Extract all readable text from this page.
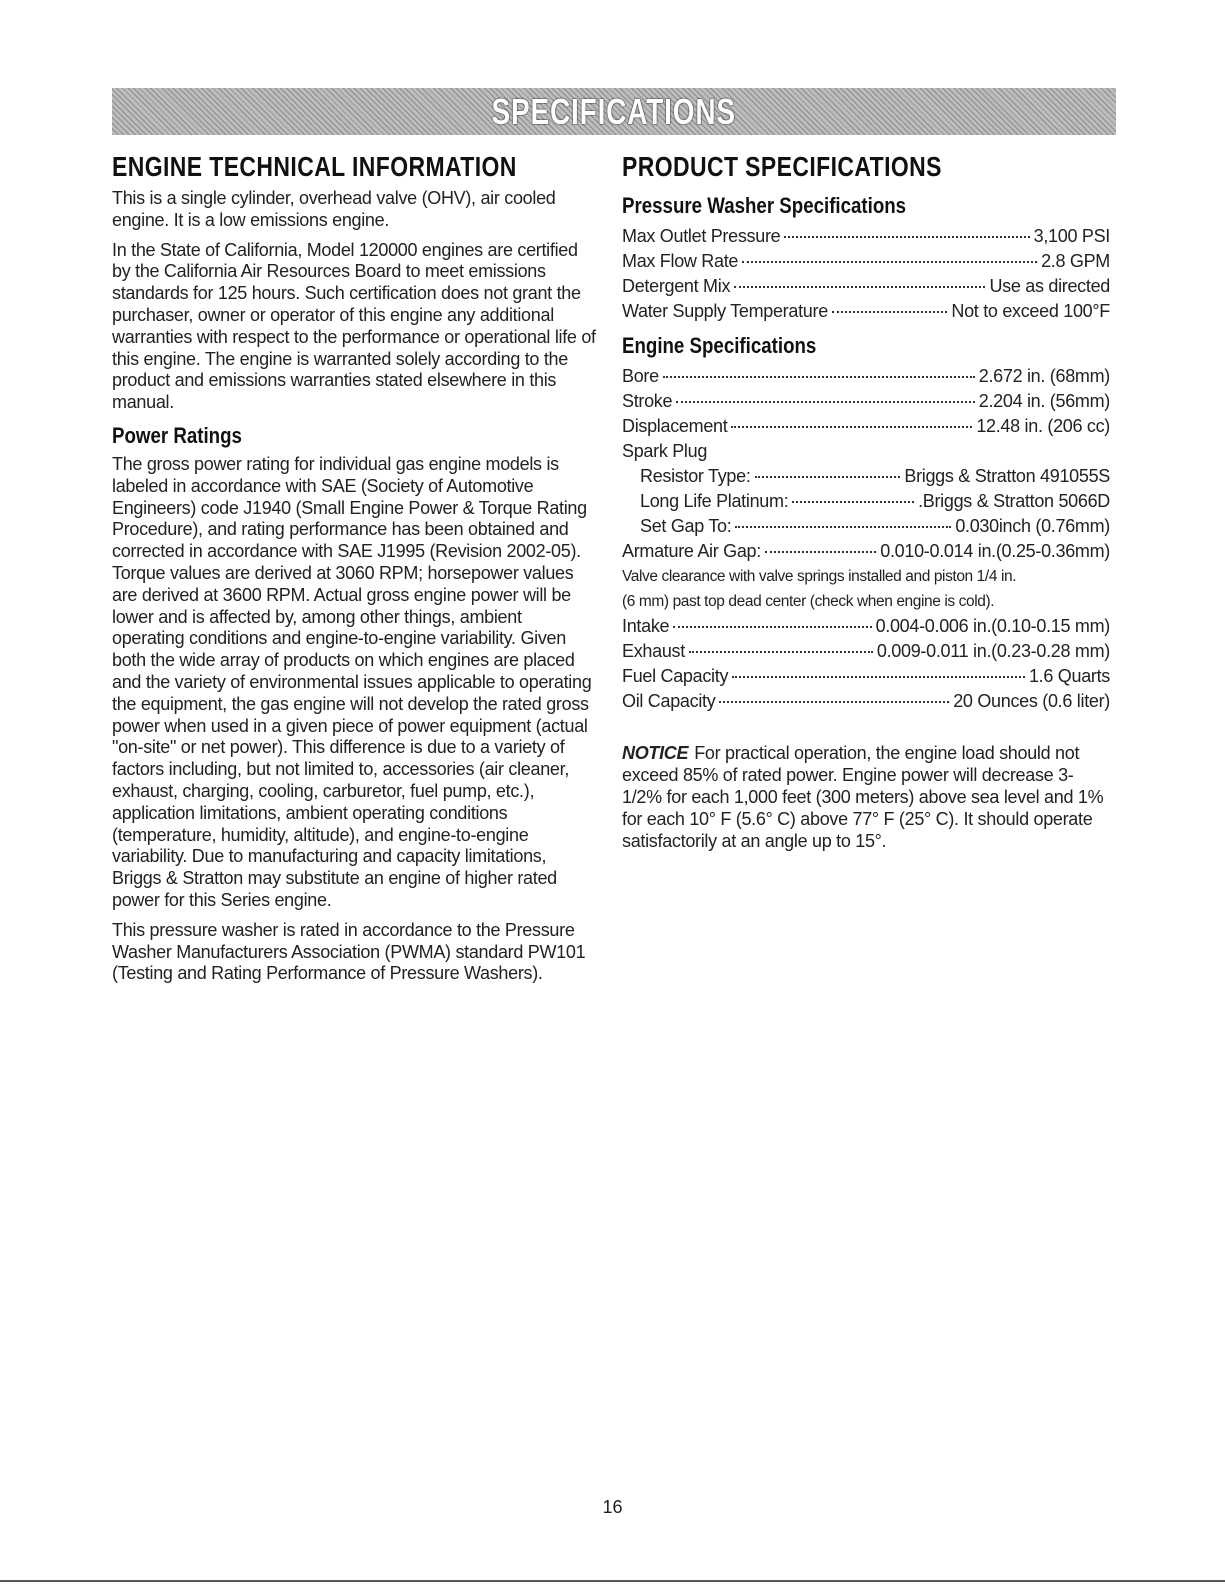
SPECIFICATIONS
ENGINE TECHNICAL INFORMATION

This is a single cylinder, overhead valve (OHV), air cooled engine. It is a low emissions engine.

In the State of California, Model 120000 engines are certified by the California Air Resources Board to meet emissions standards for 125 hours. Such certification does not grant the purchaser, owner or operator of this engine any additional warranties with respect to the performance or operational life of this engine. The engine is warranted solely according to the product and emissions warranties stated elsewhere in this manual.

Power Ratings

The gross power rating for individual gas engine models is labeled in accordance with SAE (Society of Automotive Engineers) code J1940 (Small Engine Power & Torque Rating Procedure), and rating performance has been obtained and corrected in accordance with SAE J1995 (Revision 2002-05). Torque values are derived at 3060 RPM; horsepower values are derived at 3600 RPM. Actual gross engine power will be lower and is affected by, among other things, ambient operating conditions and engine-to-engine variability. Given both the wide array of products on which engines are placed and the variety of environmental issues applicable to operating the equipment, the gas engine will not develop the rated gross power when used in a given piece of power equipment (actual "on-site" or net power). This difference is due to a variety of factors including, but not limited to, accessories (air cleaner, exhaust, charging, cooling, carburetor, fuel pump, etc.), application limitations, ambient operating conditions (temperature, humidity, altitude), and engine-to-engine variability. Due to manufacturing and capacity limitations, Briggs & Stratton may substitute an engine of higher rated power for this Series engine.

This pressure washer is rated in accordance to the Pressure Washer Manufacturers Association (PWMA) standard PW101 (Testing and Rating Performance of Pressure Washers).

PRODUCT SPECIFICATIONS
Pressure Washer Specifications
Max Outlet Pressure	3,100 PSI
Max Flow Rate	2.8 GPM
Detergent Mix	Use as directed
Water Supply Temperature	Not to exceed 100°F
Engine Specifications
Bore	2.672 in. (68mm)
Stroke	2.204 in. (56mm)
Displacement	12.48 in. (206 cc)
Spark Plug
Resistor Type:	Briggs & Stratton 491055S
Long Life Platinum:	.Briggs & Stratton 5066D
Set Gap To:	0.030inch (0.76mm)
Armature Air Gap:	0.010-0.014 in.(0.25-0.36mm)
Valve clearance with valve springs installed and piston 1/4 in.
(6 mm) past top dead center (check when engine is cold).
Intake	0.004-0.006 in.(0.10-0.15 mm)
Exhaust	0.009-0.011 in.(0.23-0.28 mm)
Fuel Capacity	1.6 Quarts
Oil Capacity	20 Ounces (0.6 liter)
NOTICE For practical operation, the engine load should not exceed 85% of rated power. Engine power will decrease 3-1/2% for each 1,000 feet (300 meters) above sea level and 1% for each 10° F (5.6° C) above 77° F (25° C). It should operate satisfactorily at an angle up to 15°.
16
